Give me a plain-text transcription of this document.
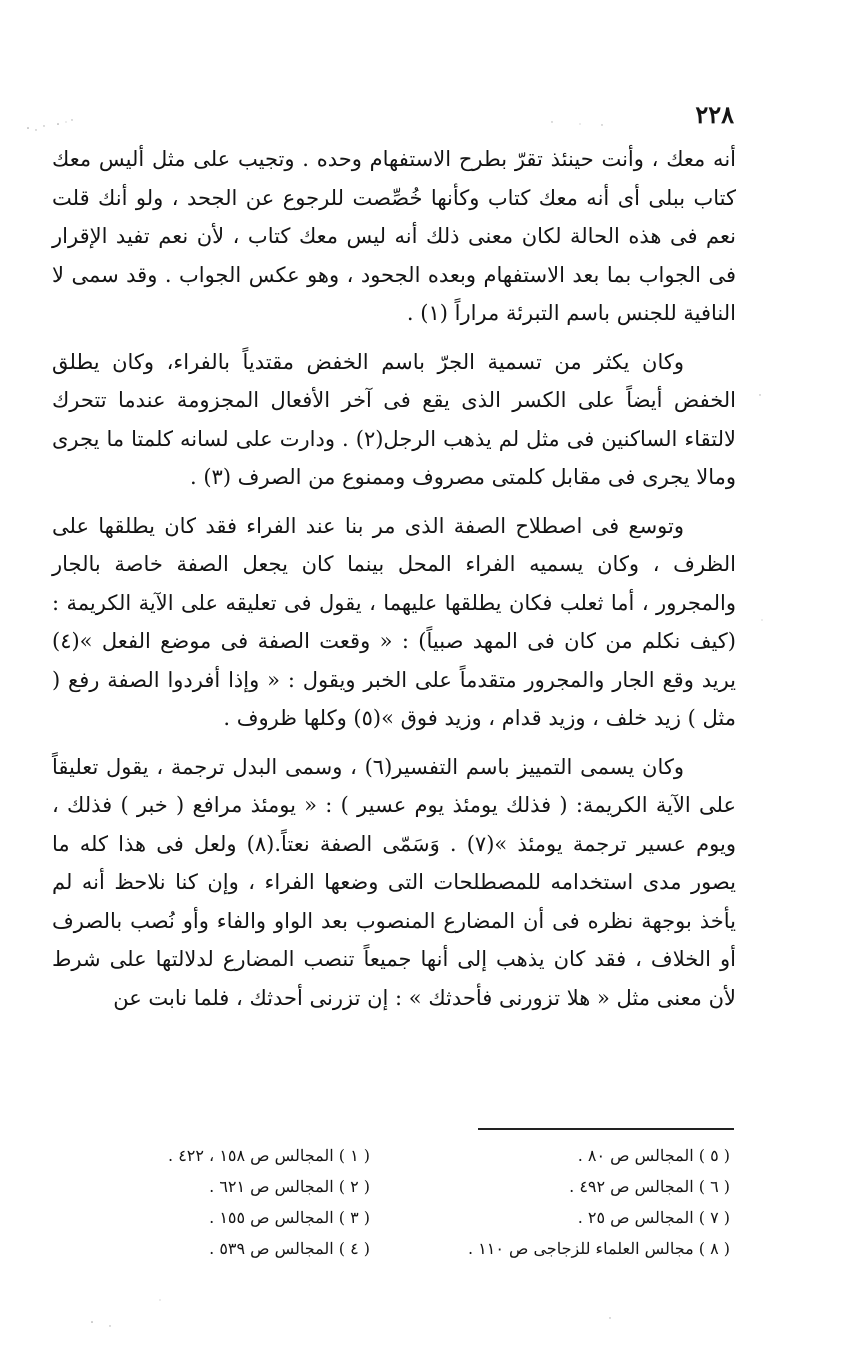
٢٢٨

أنه معك ، وأنت حينئذ تقرّ بطرح الاستفهام وحده . وتجيب على مثل أليس معك كتاب ببلى أى أنه معك كتاب وكأنها خُصِّصت للرجوع عن الجحد ، ولو أنك قلت نعم فى هذه الحالة لكان معنى ذلك أنه ليس معك كتاب ، لأن نعم تفيد الإقرار فى الجواب بما بعد الاستفهام وبعده الجحود ، وهو عكس الجواب . وقد سمى لا النافية للجنس باسم التبرئة مراراً (١) .

وكان يكثر من تسمية الجرّ باسم الخفض مقتدياً بالفراء، وكان يطلق الخفض أيضاً على الكسر الذى يقع فى آخر الأفعال المجزومة عندما تتحرك لالتقاء الساكنين فى مثل لم يذهب الرجل(٢) . ودارت على لسانه كلمتا ما يجرى ومالا يجرى فى مقابل كلمتى مصروف وممنوع من الصرف (٣) .

وتوسع فى اصطلاح الصفة الذى مر بنا عند الفراء فقد كان يطلقها على الظرف ، وكان يسميه الفراء المحل بينما كان يجعل الصفة خاصة بالجار والمجرور ، أما ثعلب فكان يطلقها عليهما ، يقول فى تعليقه على الآية الكريمة : (كيف نكلم من كان فى المهد صبياً) : « وقعت الصفة فى موضع الفعل »(٤) يريد وقع الجار والمجرور متقدماً على الخبر ويقول : « وإذا أفردوا الصفة رفع ( مثل ) زيد خلف ، وزيد قدام ، وزيد فوق »(٥) وكلها ظروف .

وكان يسمى التمييز باسم التفسير(٦) ، وسمى البدل ترجمة ، يقول تعليقاً على الآية الكريمة: ( فذلك يومئذ يوم عسير ) : « يومئذ مرافع ( خبر ) فذلك ، ويوم عسير ترجمة يومئذ »(٧) . وَسَمّى الصفة نعتاً.(٨) ولعل فى هذا كله ما يصور مدى استخدامه للمصطلحات التى وضعها الفراء ، وإن كنا نلاحظ أنه لم يأخذ بوجهة نظره فى أن المضارع المنصوب بعد الواو والفاء وأو نُصب بالصرف أو الخلاف ، فقد كان يذهب إلى أنها جميعاً تنصب المضارع لدلالتها على شرط لأن معنى مثل « هلا تزورنى فأحدثك » : إن تزرنى أحدثك ، فلما نابت عن

( ١ ) المجالس ص ١٥٨ ، ٤٢٢ .
( ٢ ) المجالس ص ٦٢١ .
( ٣ ) المجالس ص ١٥٥ .
( ٤ ) المجالس ص ٥٣٩ .
( ٥ ) المجالس ص ٨٠ .
( ٦ ) المجالس ص ٤٩٢ .
( ٧ ) المجالس ص ٢٥ .
( ٨ ) مجالس العلماء للزجاجى ص ١١٠ .
